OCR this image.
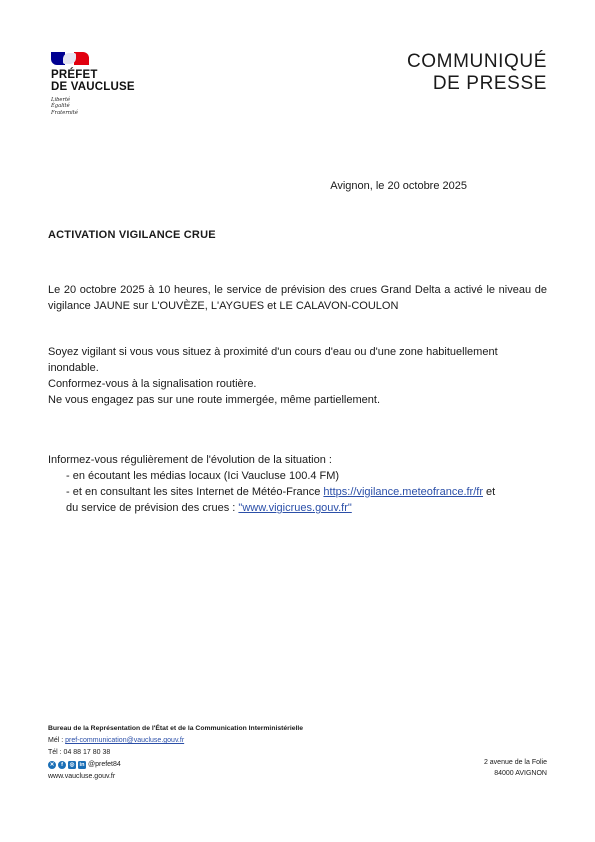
PRÉFET
DE VAUCLUSE
Liberté
Égalité
Fraternité
COMMUNIQUÉ
DE PRESSE
Avignon, le 20 octobre 2025
ACTIVATION VIGILANCE CRUE
Le 20 octobre 2025 à 10 heures, le service de prévision des crues Grand Delta a activé le niveau de vigilance JAUNE sur L'OUVÈZE, L'AYGUES et LE CALAVON-COULON
Soyez vigilant si vous vous situez à proximité d'un cours d'eau ou d'une zone habituellement inondable.
Conformez-vous à la signalisation routière.
Ne vous engagez pas sur une route immergée, même partiellement.
Informez-vous régulièrement de l'évolution de la situation :
- en écoutant les médias locaux (Ici Vaucluse 100.4 FM)
- et en consultant les sites Internet de Météo-France https://vigilance.meteofrance.fr/fr et
du service de prévision des crues : "www.vigicrues.gouv.fr"
Bureau de la Représentation de l'État et de la Communication Interministérielle
Mél : pref-communication@vaucluse.gouv.fr
Tél : 04 88 17 80 38
✕	f	◎ in @prefet84
www.vaucluse.gouv.fr
2 avenue de la Folie
84000 AVIGNON
